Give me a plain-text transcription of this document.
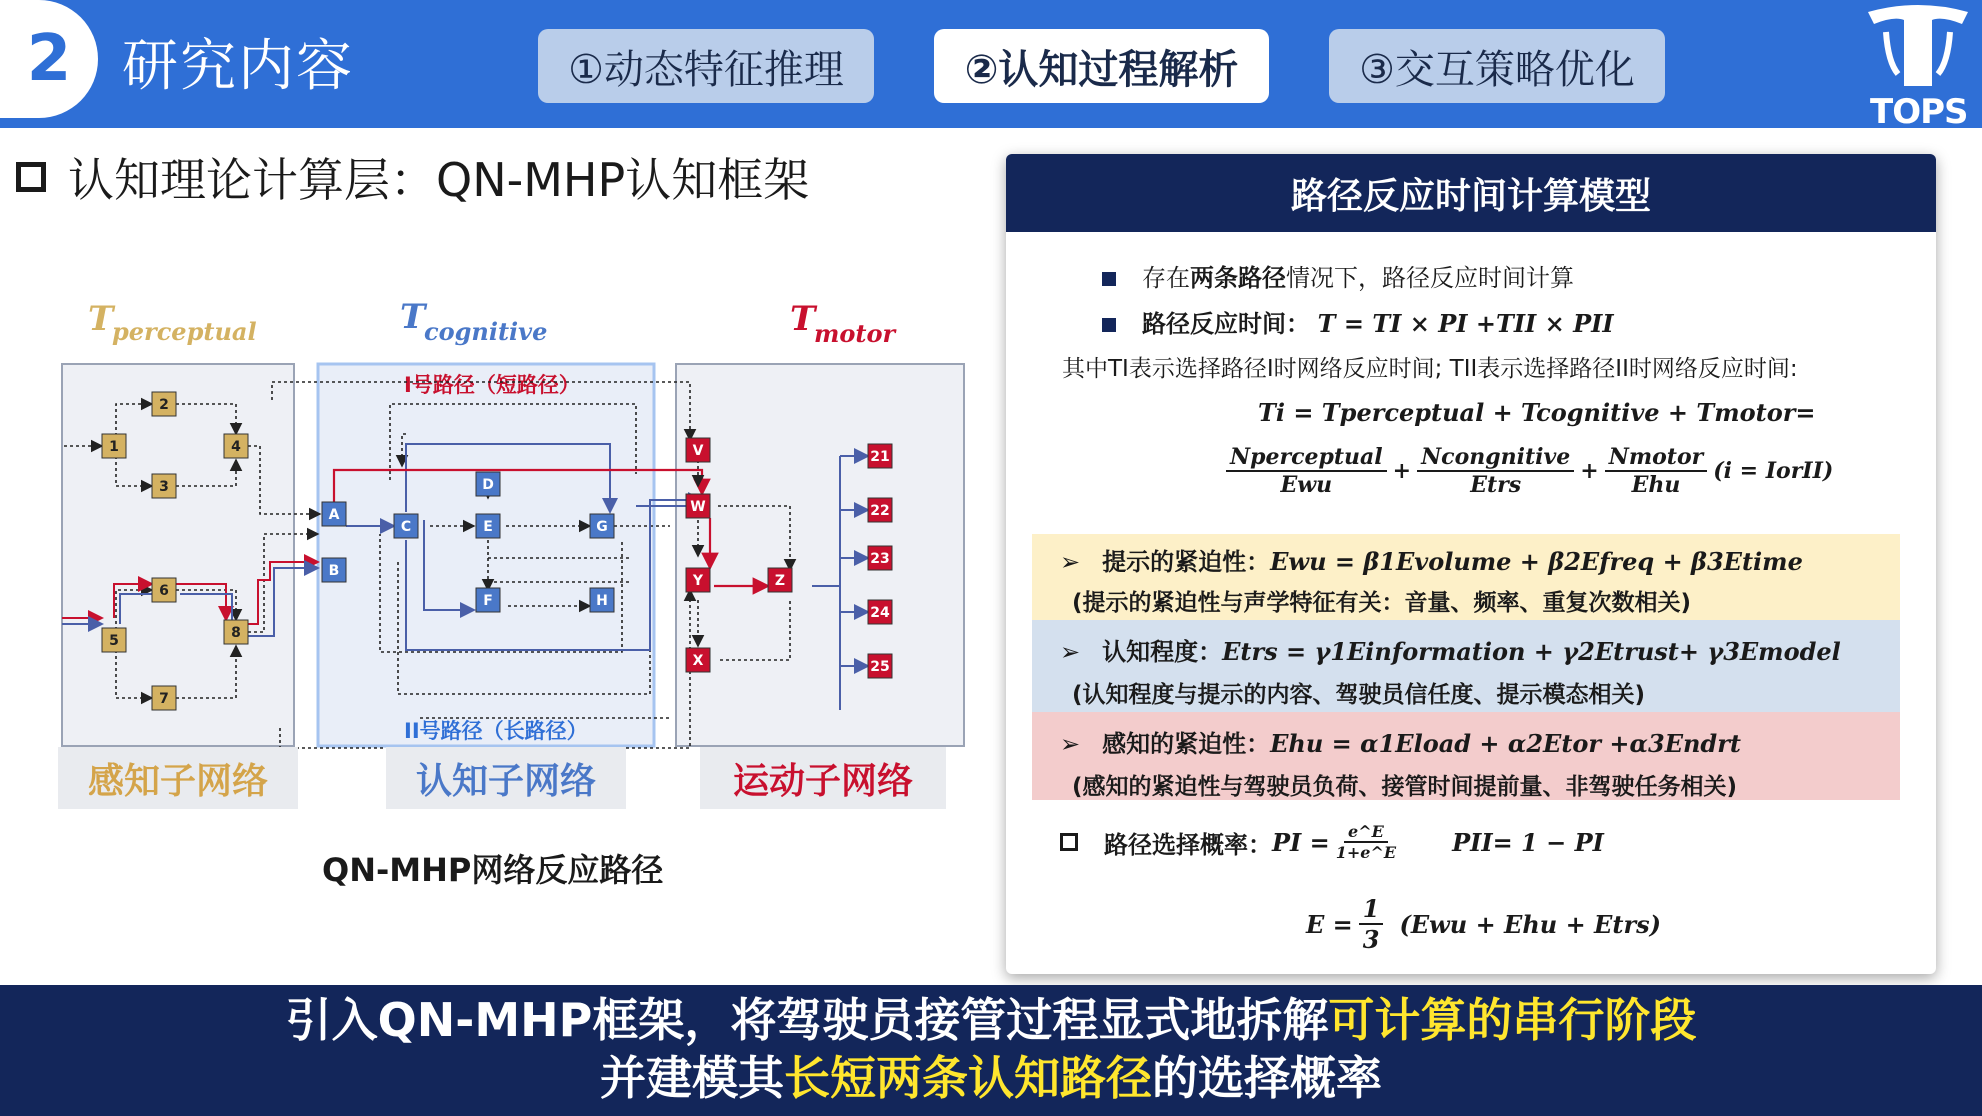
2 研究内容	①动态特征推理	②认知过程解析	③交互策略优化
TOPS
认知理论计算层：QN-MHP认知框架
T
perceptual	T
cognitive	T
motor
I号路径（短路径）
II号路径（长路径）
1
2
3
4
5
6
7
8
A
B
C
D
E
F
G
H
V
W
Y
X
Z
21
22
23
24
25
感知子网络	认知子网络	运动子网络
QN-MHP网络反应路径
路径反应时间计算模型
存在两条路径情况下，路径反应时间计算
路径反应时间： T = TI × PI +TII × PII
其中TI表示选择路径I时网络反应时间; TII表示选择路径II时网络反应时间:
Ti = Tperceptual + Tcognitive + Tmotor=
$\frac{\text{Nperceptual}}{\text{Ewu}} + \frac{\text{Ncongnitive}}{\text{Etrs}} + \frac{\text{Nmotor}}{\text{Ehu}} (i$ = IorII)
➢ 提示的紧迫性：Ewu = β1Evolume + β2Efreq + β3Etime
(提示的紧迫性与声学特征有关：音量、频率、重复次数相关)
➢ 认知程度：Etrs = γ1Einformation + γ2Etrust+ γ3Emodel
(认知程度与提示的内容、驾驶员信任度、提示模态相关)
➢ 感知的紧迫性：Ehu = α1Eload + α2Etor +α3Endrt
(感知的紧迫性与驾驶员负荷、接管时间提前量、非驾驶任务相关)
路径选择概率： PI = $\frac{e\^{}E}{1+e\^{}E} PII= 1$ − PI
$E = \frac{1}{3} (Ewu$ + Ehu + Etrs)
引入QN-MHP框架，将驾驶员接管过程显式地拆解可计算的串行阶段
并建模其长短两条认知路径的选择概率
